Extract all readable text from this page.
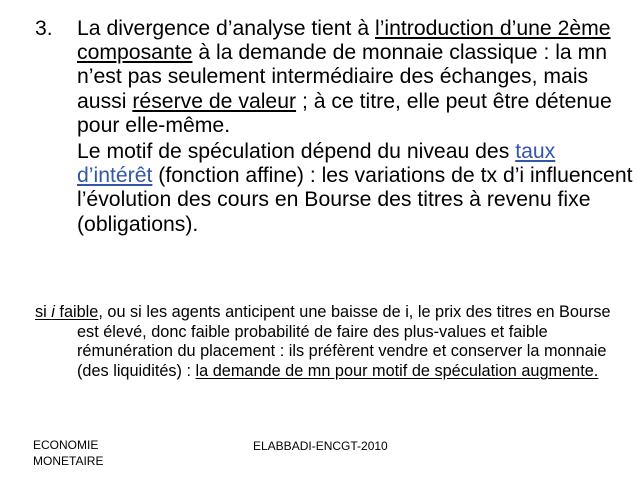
3. La divergence d’analyse tient à l’introduction d’une 2ème composante à la demande de monnaie classique : la mn n’est pas seulement intermédiaire des échanges, mais aussi réserve de valeur ; à ce titre, elle peut être détenue pour elle-même.
Le motif de spéculation dépend du niveau des taux d’intérêt (fonction affine) : les variations de tx d’i influencent l’évolution des cours en Bourse des titres à revenu fixe (obligations).
si i faible, ou si les agents anticipent une baisse de i, le prix des titres en Bourse est élevé, donc faible probabilité de faire des plus-values et faible rémunération du placement : ils préfèrent vendre et conserver la monnaie (des liquidités) : la demande de mn pour motif de spéculation augmente.
ECONOMIE MONETAIRE
ELABBADI-ENCGT-2010
